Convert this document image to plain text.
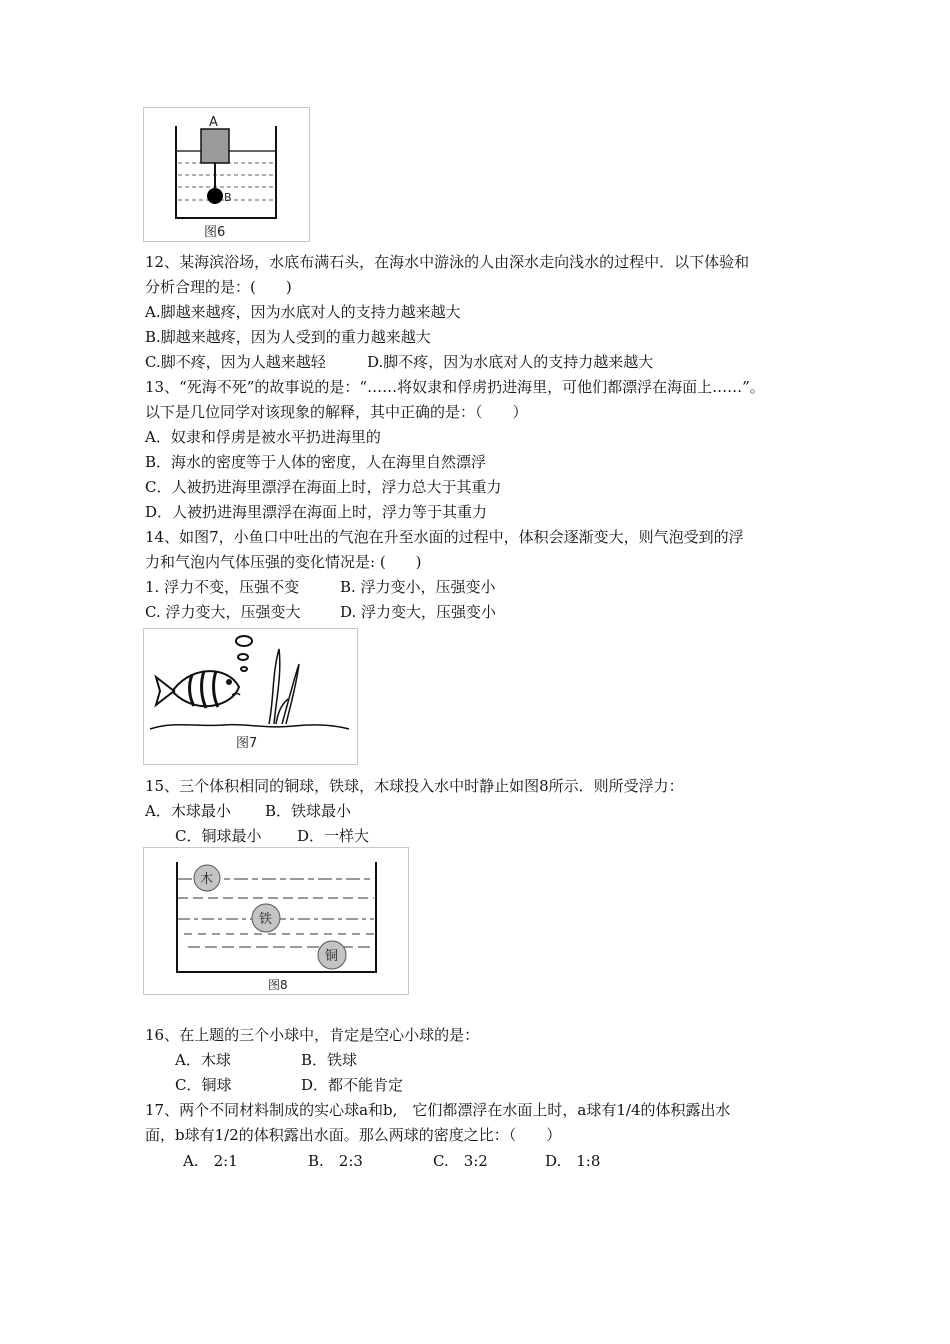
A
B
图6
12、某海滨浴场，水底布满石头，在海水中游泳的人由深水走向浅水的过程中．以下体验和
分析合理的是：(　　)
A.脚越来越疼，因为水底对人的支持力越来越大
B.脚越来越疼，因为人受到的重力越来越大
C.脚不疼，因为人越来越轻	D.脚不疼，因为水底对人的支持力越来越大
13、“死海不死”的故事说的是：“……将奴隶和俘虏扔进海里，可他们都漂浮在海面上……”。
以下是几位同学对该现象的解释，其中正确的是：（　　）
A．奴隶和俘虏是被水平扔进海里的
B．海水的密度等于人体的密度，人在海里自然漂浮
C．人被扔进海里漂浮在海面上时，浮力总大于其重力
D．人被扔进海里漂浮在海面上时，浮力等于其重力
14、如图7，小鱼口中吐出的气泡在升至水面的过程中，体积会逐渐变大，则气泡受到的浮
力和气泡内气体压强的变化情况是: (　　)
1. 浮力不变，压强不变	B. 浮力变小，压强变小
C. 浮力变大，压强变大	D. 浮力变大，压强变小
图7
15、三个体积相同的铜球，铁球，木球投入水中时静止如图8所示．则所受浮力：
A．木球最小 B．铁球最小
C．铜球最小 D．一样大
木
铁
铜
图8
16、在上题的三个小球中，肯定是空心小球的是：
A．木球	B．铁球
C．铜球	D．都不能肯定
17、两个不同材料制成的实心球a和b,　它们都漂浮在水面上时，a球有1/4的体积露出水
面，b球有1/2的体积露出水面。那么两球的密度之比：（　　）
A.　2:1	B.　2:3	C.　3:2	D.　1:8
